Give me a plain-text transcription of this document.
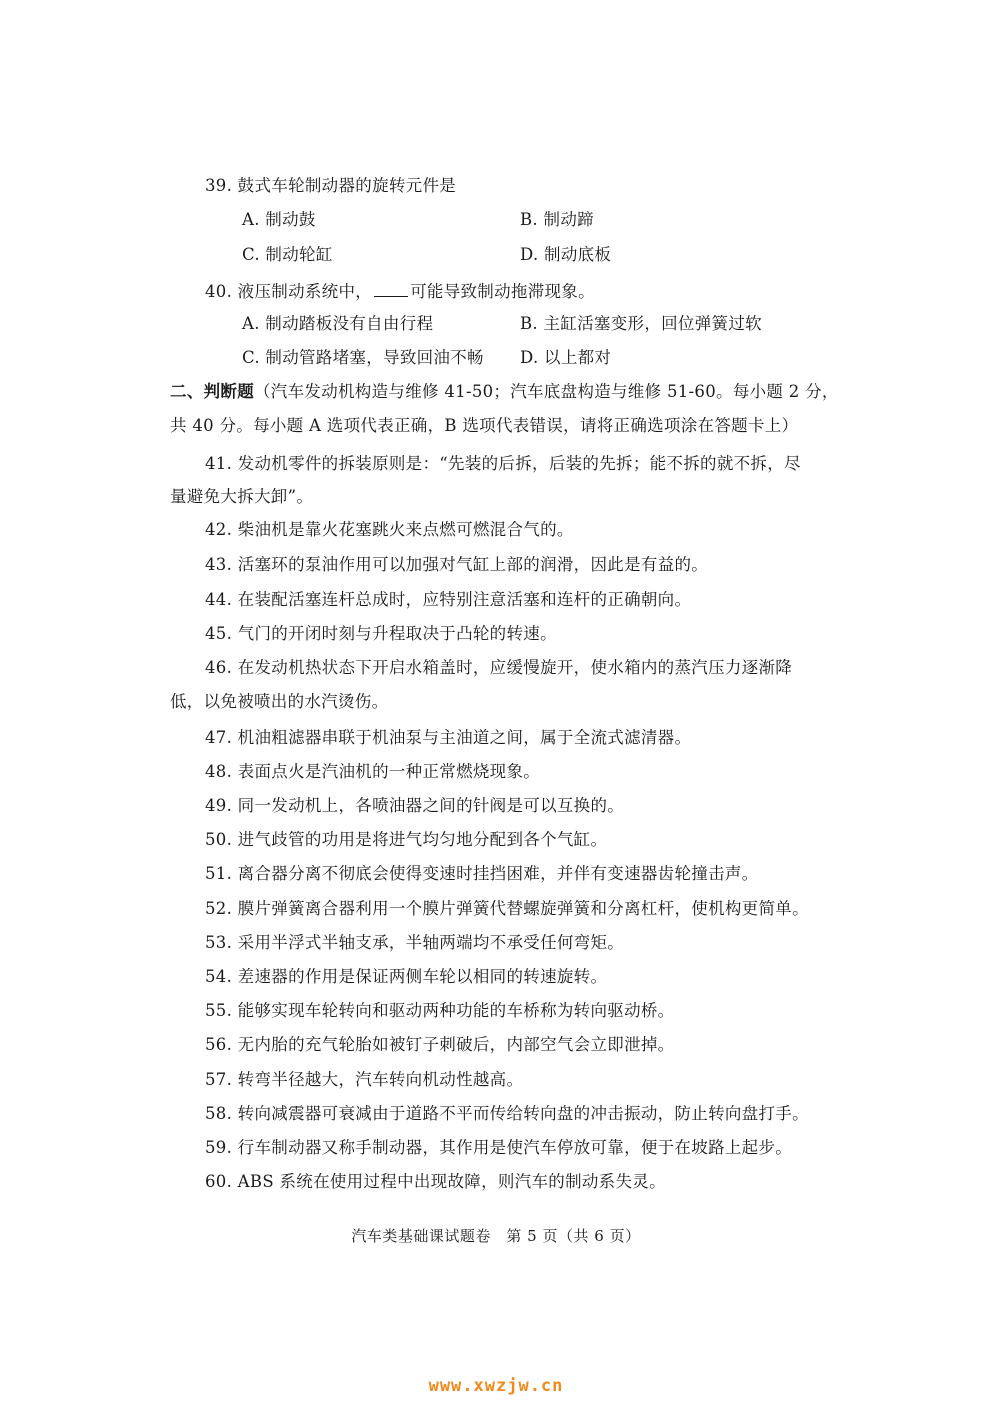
39. 鼓式车轮制动器的旋转元件是
A. 制动鼓	B. 制动蹄
C. 制动轮缸	D. 制动底板
40. 液压制动系统中， 可能导致制动拖滞现象。
A. 制动踏板没有自由行程	B. 主缸活塞变形，回位弹簧过软
C. 制动管路堵塞，导致回油不畅 D. 以上都对
二、判断题（汽车发动机构造与维修 41-50；汽车底盘构造与维修 51-60。每小题 2 分，
共 40 分。每小题 A 选项代表正确，B 选项代表错误，请将正确选项涂在答题卡上）
41. 发动机零件的拆装原则是：“先装的后拆，后装的先拆；能不拆的就不拆，尽
量避免大拆大卸”。
42. 柴油机是靠火花塞跳火来点燃可燃混合气的。
43. 活塞环的泵油作用可以加强对气缸上部的润滑，因此是有益的。
44. 在装配活塞连杆总成时，应特别注意活塞和连杆的正确朝向。
45. 气门的开闭时刻与升程取决于凸轮的转速。
46. 在发动机热状态下开启水箱盖时，应缓慢旋开，使水箱内的蒸汽压力逐渐降
低，以免被喷出的水汽烫伤。
47. 机油粗滤器串联于机油泵与主油道之间，属于全流式滤清器。
48. 表面点火是汽油机的一种正常燃烧现象。
49. 同一发动机上，各喷油器之间的针阀是可以互换的。
50. 进气歧管的功用是将进气均匀地分配到各个气缸。
51. 离合器分离不彻底会使得变速时挂挡困难，并伴有变速器齿轮撞击声。
52. 膜片弹簧离合器利用一个膜片弹簧代替螺旋弹簧和分离杠杆，使机构更简单。
53. 采用半浮式半轴支承，半轴两端均不承受任何弯矩。
54. 差速器的作用是保证两侧车轮以相同的转速旋转。
55. 能够实现车轮转向和驱动两种功能的车桥称为转向驱动桥。
56. 无内胎的充气轮胎如被钉子刺破后，内部空气会立即泄掉。
57. 转弯半径越大，汽车转向机动性越高。
58. 转向减震器可衰减由于道路不平而传给转向盘的冲击振动，防止转向盘打手。
59. 行车制动器又称手制动器，其作用是使汽车停放可靠，便于在坡路上起步。
60. ABS 系统在使用过程中出现故障，则汽车的制动系失灵。
汽车类基础课试题卷　第 5 页（共 6 页）
www.xwzjw.cn
